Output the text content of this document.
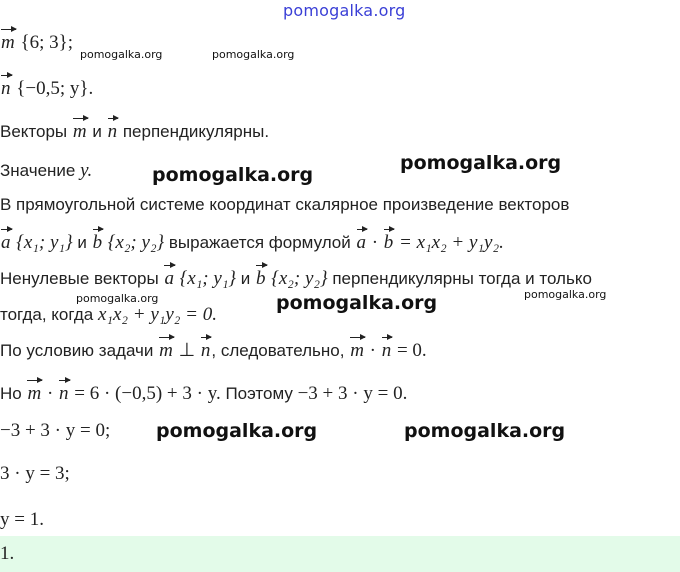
pomogalka.org
m {6; 3};
pomogalka.org	pomogalka.org
n {−0,5; y}.
Векторы m и n перпендикулярны.
Значение y.	pomogalka.org
pomogalka.org
В прямоугольной системе координат скалярное произведение векторов
a {x₁; y₁} и b {x₂; y₂} выражается формулой a · b = x₁x₂ + y₁y₂.
Ненулевые векторы a {x₁; y₁} и b {x₂; y₂} перпендикулярны тогда и только
pomogalka.org	pomogalka.org	pomogalka.org
тогда, когда x₁x₂ + y₁y₂ = 0.
По условию задачи m ⊥ n, следовательно, m · n = 0.
Но m · n = 6 · (−0,5) + 3 · y. Поэтому −3 + 3 · y = 0.
−3 + 3 · y = 0; pomogalka.org	pomogalka.org
3 · y = 3;
y = 1.
1.
